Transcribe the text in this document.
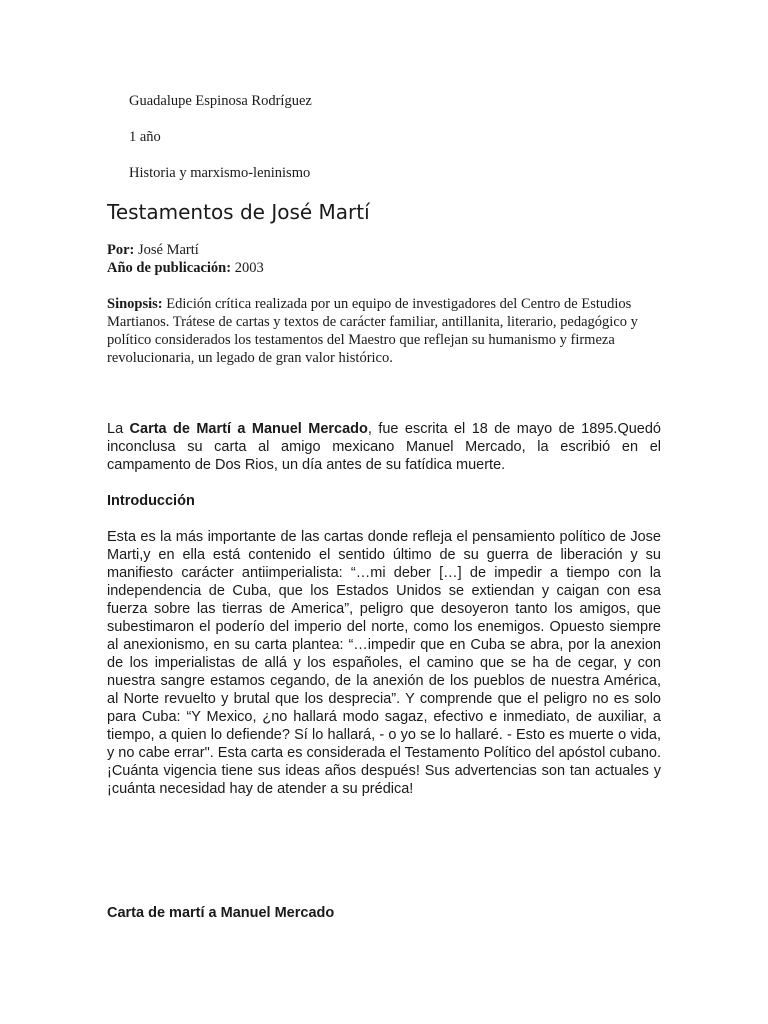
Guadalupe Espinosa Rodríguez

1 año

Historia y marxismo-leninismo

Testamentos de José Martí

Por: José Martí

Año de publicación: 2003

Sinopsis: Edición crítica realizada por un equipo de investigadores del Centro de Estudios Martianos. Trátese de cartas y textos de carácter familiar, antillanita, literario, pedagógico y político considerados los testamentos del Maestro que reflejan su humanismo y firmeza revolucionaria, un legado de gran valor histórico.

La Carta de Martí a Manuel Mercado, fue escrita el 18 de mayo de 1895.Quedó inconclusa su carta al amigo mexicano Manuel Mercado, la escribió en el campamento de Dos Rios, un día antes de su fatídica muerte.

Introducción

Esta es la más importante de las cartas donde refleja el pensamiento político de Jose Marti,y en ella está contenido el sentido último de su guerra de liberación y su manifiesto carácter antiimperialista: “…mi deber […] de impedir a tiempo con la independencia de Cuba, que los Estados Unidos se extiendan y caigan con esa fuerza sobre las tierras de America”, peligro que desoyeron tanto los amigos, que subestimaron el poderío del imperio del norte, como los enemigos. Opuesto siempre al anexionismo, en su carta plantea: “…impedir que en Cuba se abra, por la anexion de los imperialistas de allá y los españoles, el camino que se ha de cegar, y con nuestra sangre estamos cegando, de la anexión de los pueblos de nuestra América, al Norte revuelto y brutal que los desprecia”. Y comprende que el peligro no es solo para Cuba: “Y Mexico, ¿no hallará modo sagaz, efectivo e inmediato, de auxiliar, a tiempo, a quien lo defiende? Sí lo hallará, - o yo se lo hallaré. - Esto es muerte o vida, y no cabe errar". Esta carta es considerada el Testamento Político del apóstol cubano. ¡Cuánta vigencia tiene sus ideas años después! Sus advertencias son tan actuales y ¡cuánta necesidad hay de atender a su prédica!

Carta de martí a Manuel Mercado
